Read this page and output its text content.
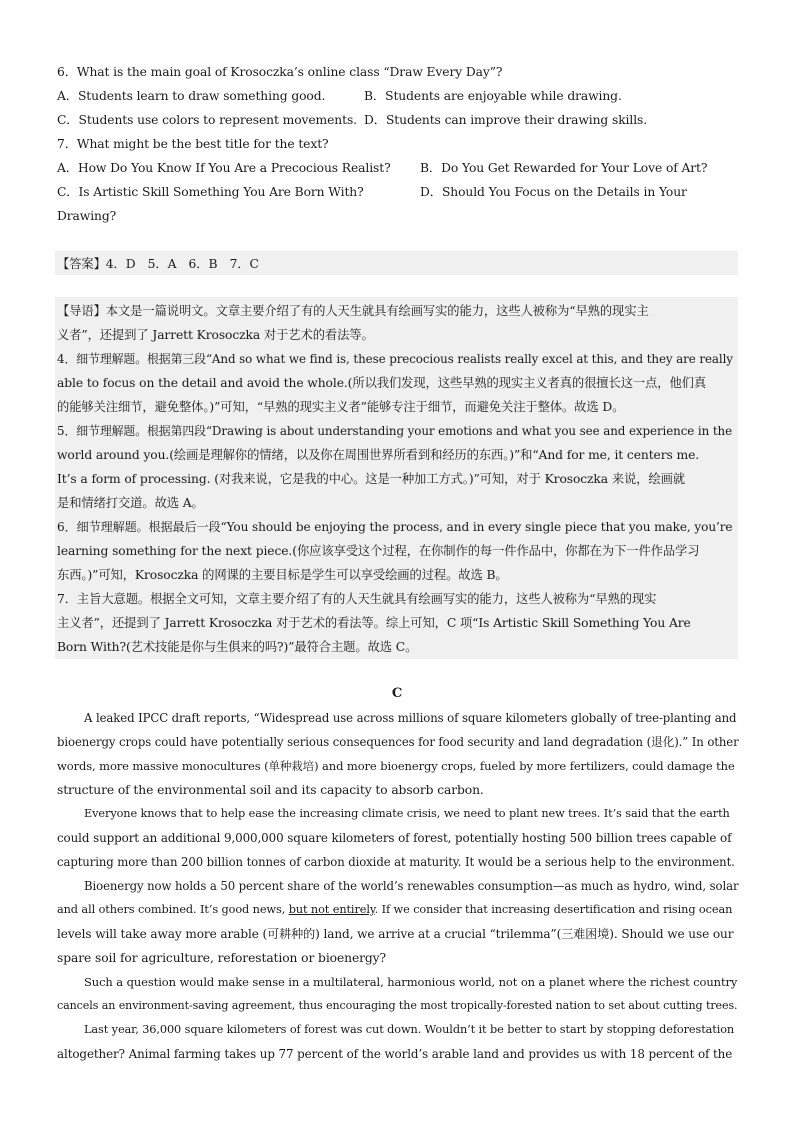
6．What is the main goal of Krosoczka’s online class “Draw Every Day”?
A．Students learn to draw something good.	B．Students are enjoyable while drawing.
C．Students use colors to represent movements. D．Students can improve their drawing skills.
7．What might be the best title for the text?
A．How Do You Know If You Are a Precocious Realist? B．Do You Get Rewarded for Your Love of Art?
C．Is Artistic Skill Something You Are Born With?	D．Should You Focus on the Details in Your
Drawing?
【答案】4．D　5．A　6．B　7．C
【导语】本文是一篇说明文。文章主要介绍了有的人天生就具有绘画写实的能力，这些人被称为“早熟的现实主
义者”，还提到了 Jarrett Krosoczka 对于艺术的看法等。
4．细节理解题。根据第三段“And so what we find is, these precocious realists really excel at this, and they are really
able to focus on the detail and avoid the whole.(所以我们发现，这些早熟的现实主义者真的很擅长这一点，他们真
的能够关注细节，避免整体。)”可知，“早熟的现实主义者”能够专注于细节，而避免关注于整体。故选 D。
5．细节理解题。根据第四段“Drawing is about understanding your emotions and what you see and experience in the
world around you.(绘画是理解你的情绪，以及你在周围世界所看到和经历的东西。)”和“And for me, it centers me.
It’s a form of processing. (对我来说，它是我的中心。这是一种加工方式。)”可知，对于 Krosoczka 来说，绘画就
是和情绪打交道。故选 A。
6．细节理解题。根据最后一段“You should be enjoying the process, and in every single piece that you make, you’re
learning something for the next piece.(你应该享受这个过程，在你制作的每一件作品中，你都在为下一件作品学习
东西。)”可知，Krosoczka 的网课的主要目标是学生可以享受绘画的过程。故选 B。
7．主旨大意题。根据全文可知，文章主要介绍了有的人天生就具有绘画写实的能力，这些人被称为“早熟的现实
主义者”，还提到了 Jarrett Krosoczka 对于艺术的看法等。综上可知，C 项“Is Artistic Skill Something You Are
Born With?(艺术技能是你与生俱来的吗?)”最符合主题。故选 C。
C
A leaked IPCC draft reports, “Widespread use across millions of square kilometers globally of tree-planting and
bioenergy crops could have potentially serious consequences for food security and land degradation (退化).” In other
words, more massive monocultures (单种栽培) and more bioenergy crops, fueled by more fertilizers, could damage the
structure of the environmental soil and its capacity to absorb carbon.
Everyone knows that to help ease the increasing climate crisis, we need to plant new trees. It’s said that the earth
could support an additional 9,000,000 square kilometers of forest, potentially hosting 500 billion trees capable of
capturing more than 200 billion tonnes of carbon dioxide at maturity. It would be a serious help to the environment.
Bioenergy now holds a 50 percent share of the world’s renewables consumption—as much as hydro, wind, solar
and all others combined. It’s good news, but not entirely. If we consider that increasing desertification and rising ocean
levels will take away more arable (可耕种的) land, we arrive at a crucial “trilemma”(三难困境). Should we use our
spare soil for agriculture, reforestation or bioenergy?
Such a question would make sense in a multilateral, harmonious world, not on a planet where the richest country
cancels an environment-saving agreement, thus encouraging the most tropically-forested nation to set about cutting trees.
Last year, 36,000 square kilometers of forest was cut down. Wouldn’t it be better to start by stopping deforestation
altogether? Animal farming takes up 77 percent of the world’s arable land and provides us with 18 percent of the
